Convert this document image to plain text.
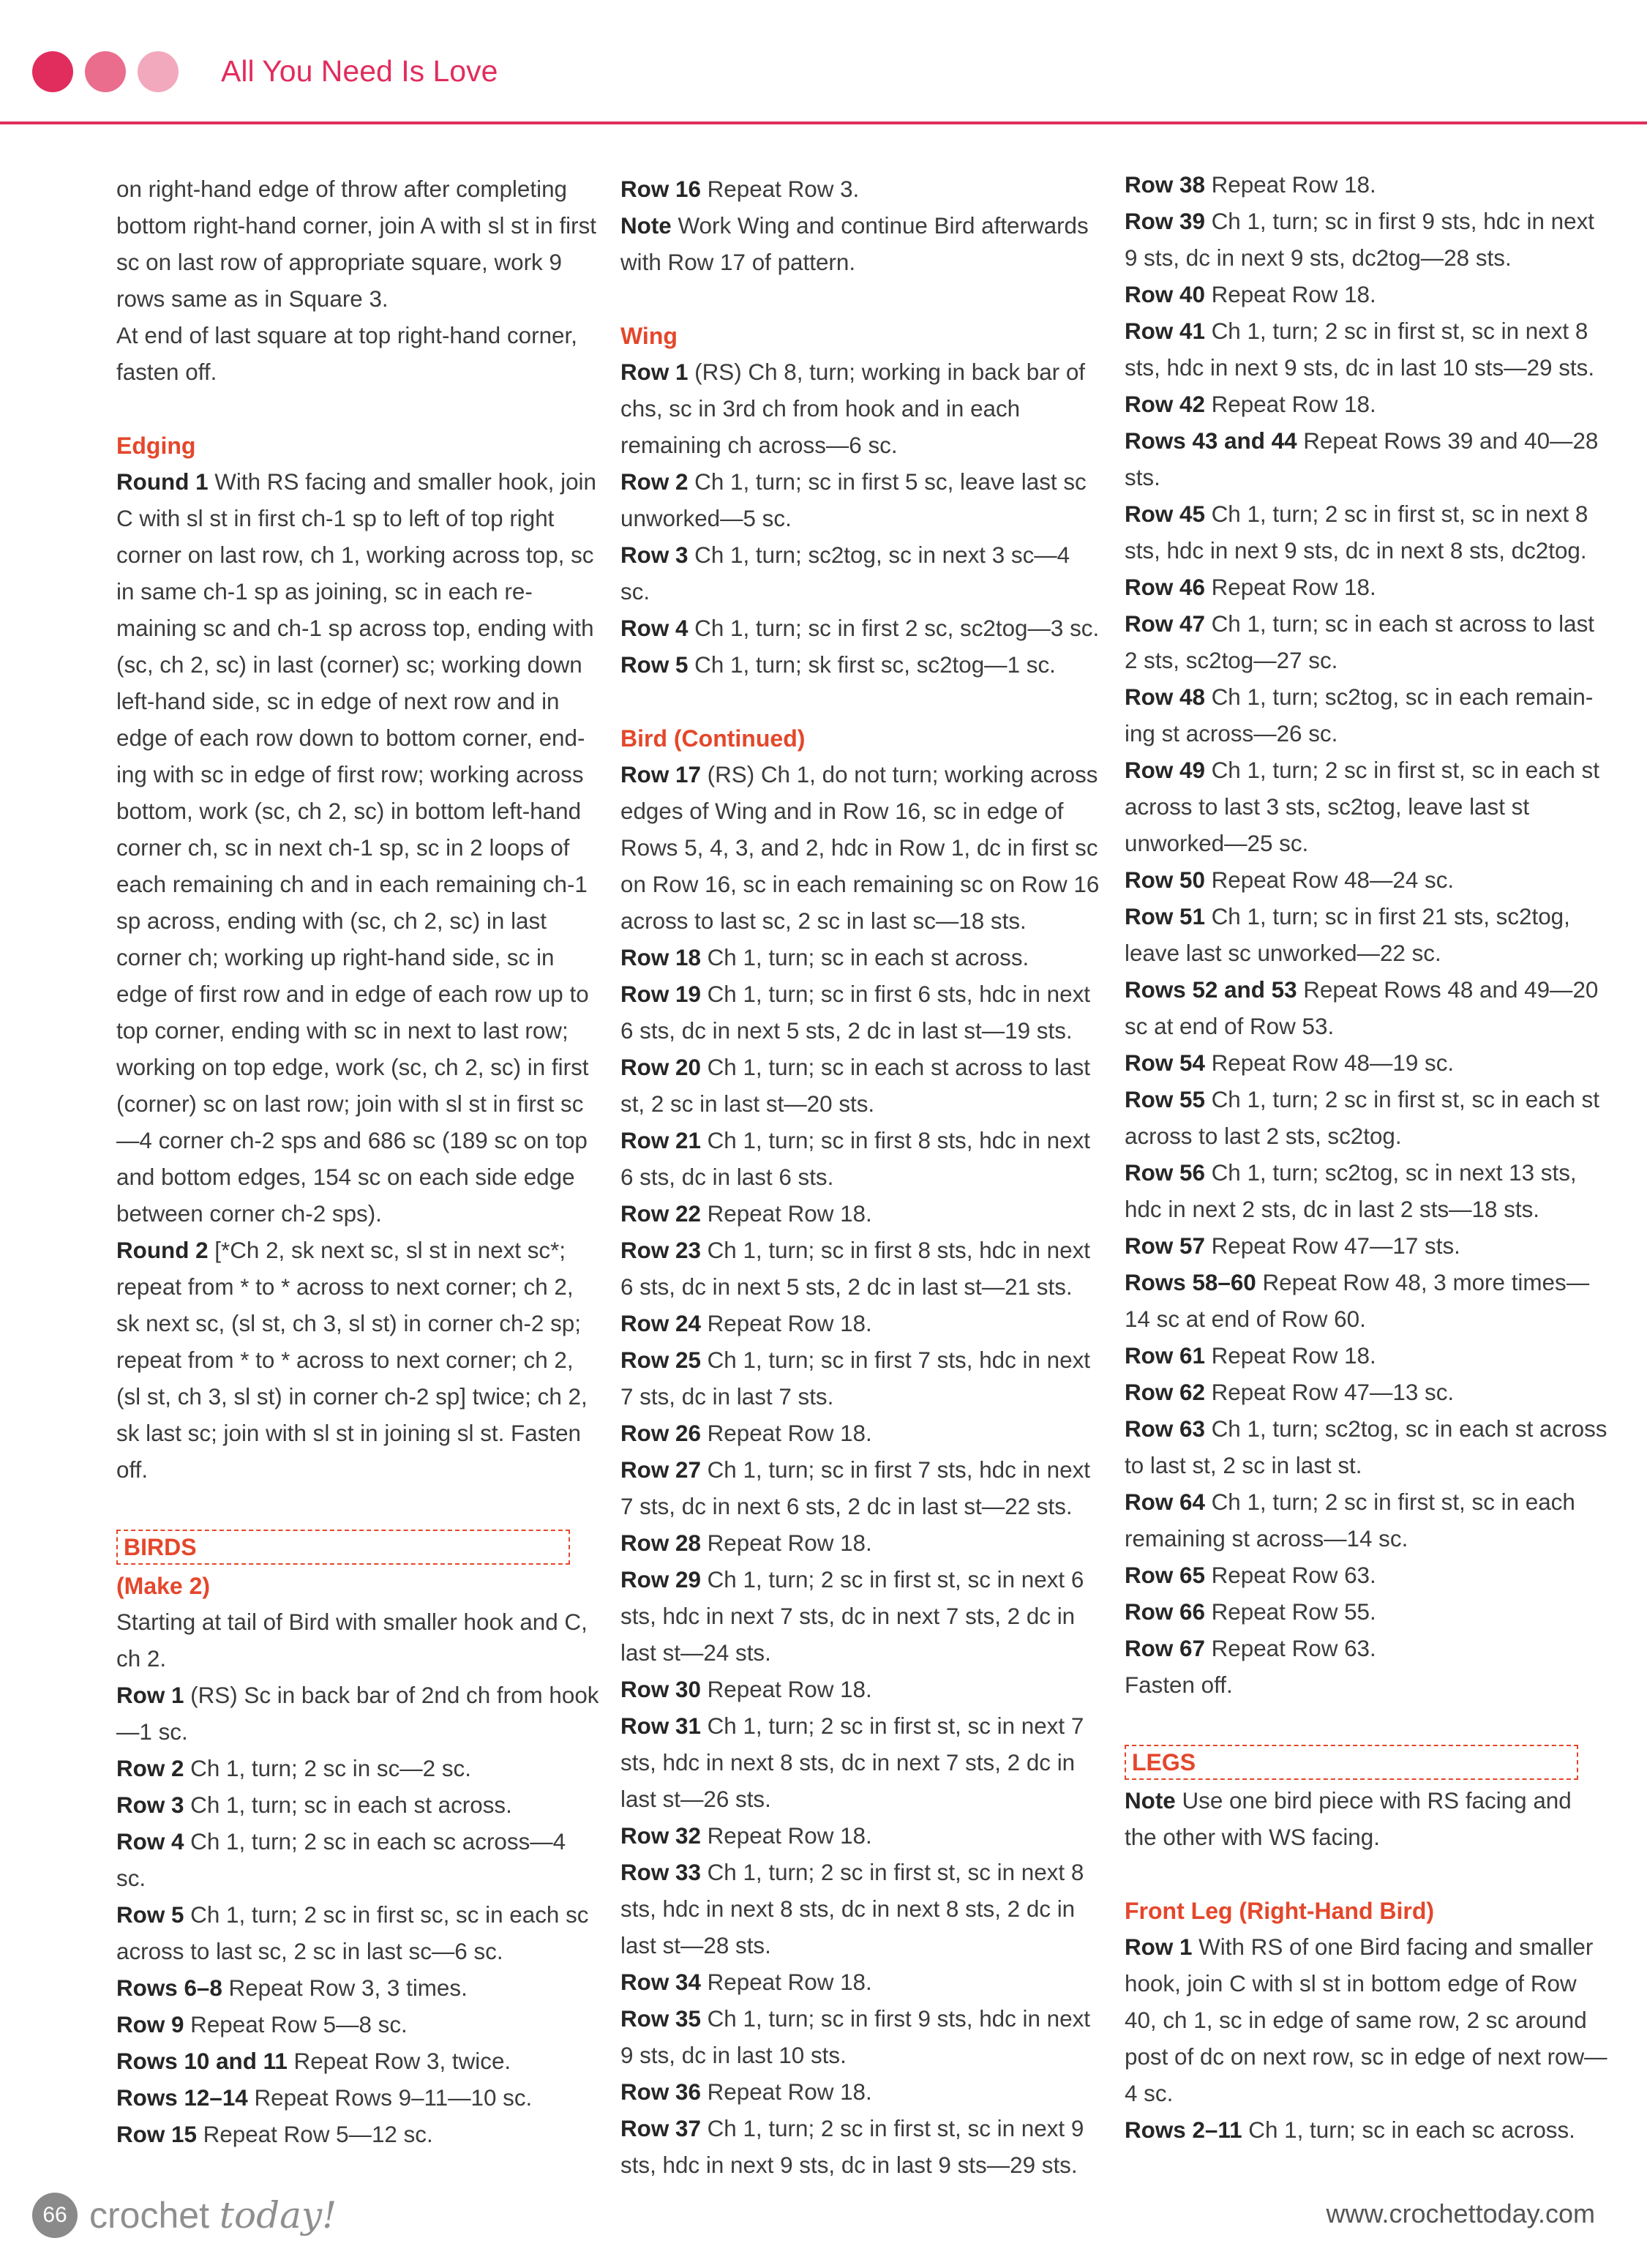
All You Need Is Love

on right-hand edge of throw after completing bottom right-hand corner, join A with sl st in first sc on last row of appropriate square, work 9 rows same as in Square 3.

At end of last square at top right-hand corner, fasten off.

Edging

Round 1 With RS facing and smaller hook, join C with sl st in first ch-1 sp to left of top right corner on last row, ch 1, working across top, sc in same ch-1 sp as joining, sc in each re-maining sc and ch-1 sp across top, ending with (sc, ch 2, sc) in last (corner) sc; working down left-hand side, sc in edge of next row and in edge of each row down to bottom corner, end-ing with sc in edge of first row; working across bottom, work (sc, ch 2, sc) in bottom left-hand corner ch, sc in next ch-1 sp, sc in 2 loops of each remaining ch and in each remaining ch-1 sp across, ending with (sc, ch 2, sc) in last corner ch; working up right-hand side, sc in edge of first row and in edge of each row up to top corner, ending with sc in next to last row; working on top edge, work (sc, ch 2, sc) in first (corner) sc on last row; join with sl st in first sc—4 corner ch-2 sps and 686 sc (189 sc on top and bottom edges, 154 sc on each side edge between corner ch-2 sps).

Round 2 [*Ch 2, sk next sc, sl st in next sc*; repeat from * to * across to next corner; ch 2, sk next sc, (sl st, ch 3, sl st) in corner ch-2 sp; repeat from * to * across to next corner; ch 2, (sl st, ch 3, sl st) in corner ch-2 sp] twice; ch 2, sk last sc; join with sl st in joining sl st. Fasten off.

BIRDS
(Make 2)

Starting at tail of Bird with smaller hook and C, ch 2.

Row 1 (RS) Sc in back bar of 2nd ch from hook—1 sc.

Row 2 Ch 1, turn; 2 sc in sc—2 sc.

Row 3 Ch 1, turn; sc in each st across.

Row 4 Ch 1, turn; 2 sc in each sc across—4 sc.

Row 5 Ch 1, turn; 2 sc in first sc, sc in each sc across to last sc, 2 sc in last sc—6 sc.

Rows 6–8 Repeat Row 3, 3 times.

Row 9 Repeat Row 5—8 sc.

Rows 10 and 11 Repeat Row 3, twice.

Rows 12–14 Repeat Rows 9–11—10 sc.

Row 15 Repeat Row 5—12 sc.

Row 16 Repeat Row 3.

Note Work Wing and continue Bird afterwards with Row 17 of pattern.

Wing

Row 1 (RS) Ch 8, turn; working in back bar of chs, sc in 3rd ch from hook and in each remaining ch across—6 sc.

Row 2 Ch 1, turn; sc in first 5 sc, leave last sc unworked—5 sc.

Row 3 Ch 1, turn; sc2tog, sc in next 3 sc—4 sc.

Row 4 Ch 1, turn; sc in first 2 sc, sc2tog—3 sc.

Row 5 Ch 1, turn; sk first sc, sc2tog—1 sc.

Bird (Continued)

Row 17 (RS) Ch 1, do not turn; working across edges of Wing and in Row 16, sc in edge of Rows 5, 4, 3, and 2, hdc in Row 1, dc in first sc on Row 16, sc in each remaining sc on Row 16 across to last sc, 2 sc in last sc—18 sts.

Row 18 Ch 1, turn; sc in each st across.

Row 19 Ch 1, turn; sc in first 6 sts, hdc in next 6 sts, dc in next 5 sts, 2 dc in last st—19 sts.

Row 20 Ch 1, turn; sc in each st across to last st, 2 sc in last st—20 sts.

Row 21 Ch 1, turn; sc in first 8 sts, hdc in next 6 sts, dc in last 6 sts.

Row 22 Repeat Row 18.

Row 23 Ch 1, turn; sc in first 8 sts, hdc in next 6 sts, dc in next 5 sts, 2 dc in last st—21 sts.

Row 24 Repeat Row 18.

Row 25 Ch 1, turn; sc in first 7 sts, hdc in next 7 sts, dc in last 7 sts.

Row 26 Repeat Row 18.

Row 27 Ch 1, turn; sc in first 7 sts, hdc in next 7 sts, dc in next 6 sts, 2 dc in last st—22 sts.

Row 28 Repeat Row 18.

Row 29 Ch 1, turn; 2 sc in first st, sc in next 6 sts, hdc in next 7 sts, dc in next 7 sts, 2 dc in last st—24 sts.

Row 30 Repeat Row 18.

Row 31 Ch 1, turn; 2 sc in first st, sc in next 7 sts, hdc in next 8 sts, dc in next 7 sts, 2 dc in last st—26 sts.

Row 32 Repeat Row 18.

Row 33 Ch 1, turn; 2 sc in first st, sc in next 8 sts, hdc in next 8 sts, dc in next 8 sts, 2 dc in last st—28 sts.

Row 34 Repeat Row 18.

Row 35 Ch 1, turn; sc in first 9 sts, hdc in next 9 sts, dc in last 10 sts.

Row 36 Repeat Row 18.

Row 37 Ch 1, turn; 2 sc in first st, sc in next 9 sts, hdc in next 9 sts, dc in last 9 sts—29 sts.

Row 38 Repeat Row 18.

Row 39 Ch 1, turn; sc in first 9 sts, hdc in next 9 sts, dc in next 9 sts, dc2tog—28 sts.

Row 40 Repeat Row 18.

Row 41 Ch 1, turn; 2 sc in first st, sc in next 8 sts, hdc in next 9 sts, dc in last 10 sts—29 sts.

Row 42 Repeat Row 18.

Rows 43 and 44 Repeat Rows 39 and 40—28 sts.

Row 45 Ch 1, turn; 2 sc in first st, sc in next 8 sts, hdc in next 9 sts, dc in next 8 sts, dc2tog.

Row 46 Repeat Row 18.

Row 47 Ch 1, turn; sc in each st across to last 2 sts, sc2tog—27 sc.

Row 48 Ch 1, turn; sc2tog, sc in each remain-ing st across—26 sc.

Row 49 Ch 1, turn; 2 sc in first st, sc in each st across to last 3 sts, sc2tog, leave last st unworked—25 sc.

Row 50 Repeat Row 48—24 sc.

Row 51 Ch 1, turn; sc in first 21 sts, sc2tog, leave last sc unworked—22 sc.

Rows 52 and 53 Repeat Rows 48 and 49—20 sc at end of Row 53.

Row 54 Repeat Row 48—19 sc.

Row 55 Ch 1, turn; 2 sc in first st, sc in each st across to last 2 sts, sc2tog.

Row 56 Ch 1, turn; sc2tog, sc in next 13 sts, hdc in next 2 sts, dc in last 2 sts—18 sts.

Row 57 Repeat Row 47—17 sts.

Rows 58–60 Repeat Row 48, 3 more times—14 sc at end of Row 60.

Row 61 Repeat Row 18.

Row 62 Repeat Row 47—13 sc.

Row 63 Ch 1, turn; sc2tog, sc in each st across to last st, 2 sc in last st.

Row 64 Ch 1, turn; 2 sc in first st, sc in each remaining st across—14 sc.

Row 65 Repeat Row 63.

Row 66 Repeat Row 55.

Row 67 Repeat Row 63.

Fasten off.

LEGS

Note Use one bird piece with RS facing and the other with WS facing.

Front Leg (Right-Hand Bird)

Row 1 With RS of one Bird facing and smaller hook, join C with sl st in bottom edge of Row 40, ch 1, sc in edge of same row, 2 sc around post of dc on next row, sc in edge of next row—4 sc.

Rows 2–11 Ch 1, turn; sc in each sc across.

66 crochet today!	www.crochettoday.com
